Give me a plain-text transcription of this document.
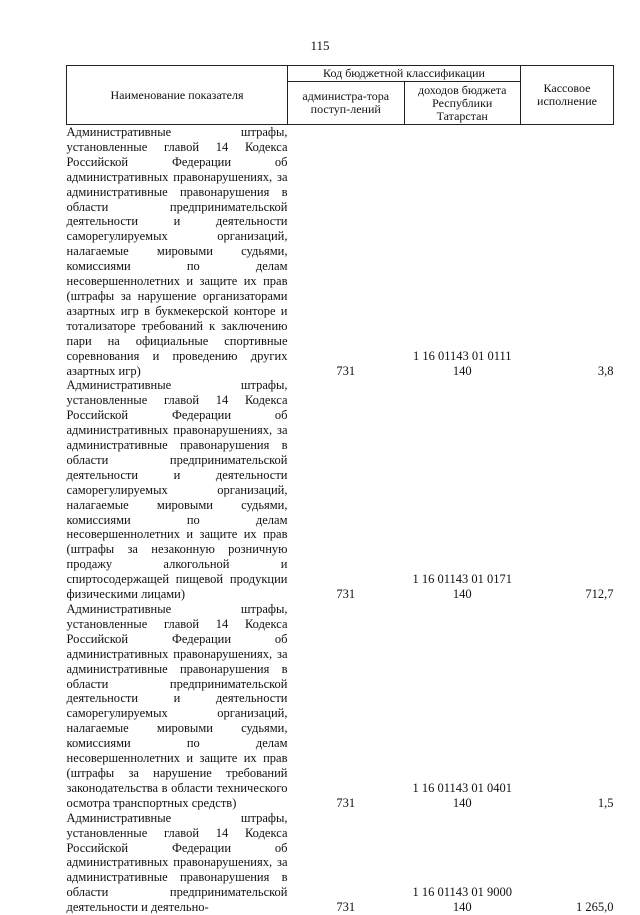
115
Наименование показателя	Код бюджетной классификации		Кассовое исполнение
	администра-тора поступ-лений	доходов бюджета Республики Татарстан	
Административные штрафы, установленные главой 14 Кодекса Российской Федерации об административных правонарушениях, за административные правонарушения в области предпринимательской деятельности и деятельности саморегулируемых организаций, налагаемые мировыми судьями, комиссиями по делам несовершеннолетних и защите их прав (штрафы за нарушение организаторами азартных игр в букмекерской конторе и тотализаторе требований к заключению пари на официальные спортивные соревнования и проведению других азартных игр)	731	1 16 01143 01 0111 140	3,8
Административные штрафы, установленные главой 14 Кодекса Российской Федерации об административных правонарушениях, за административные правонарушения в области предпринимательской деятельности и деятельности саморегулируемых организаций, налагаемые мировыми судьями, комиссиями по делам несовершеннолетних и защите их прав (штрафы за незаконную розничную продажу алкогольной и спиртосодержащей пищевой продукции физическими лицами)	731	1 16 01143 01 0171 140	712,7
Административные штрафы, установленные главой 14 Кодекса Российской Федерации об административных правонарушениях, за административные правонарушения в области предпринимательской деятельности и деятельности саморегулируемых организаций, налагаемые мировыми судьями, комиссиями по делам несовершеннолетних и защите их прав (штрафы за нарушение требований законодательства в области технического осмотра транспортных средств)	731	1 16 01143 01 0401 140	1,5
Административные штрафы, установленные главой 14 Кодекса Российской Федерации об административных правонарушениях, за административные правонарушения в области предпринимательской деятельности и деятельно-	731	1 16 01143 01 9000 140	1 265,0
